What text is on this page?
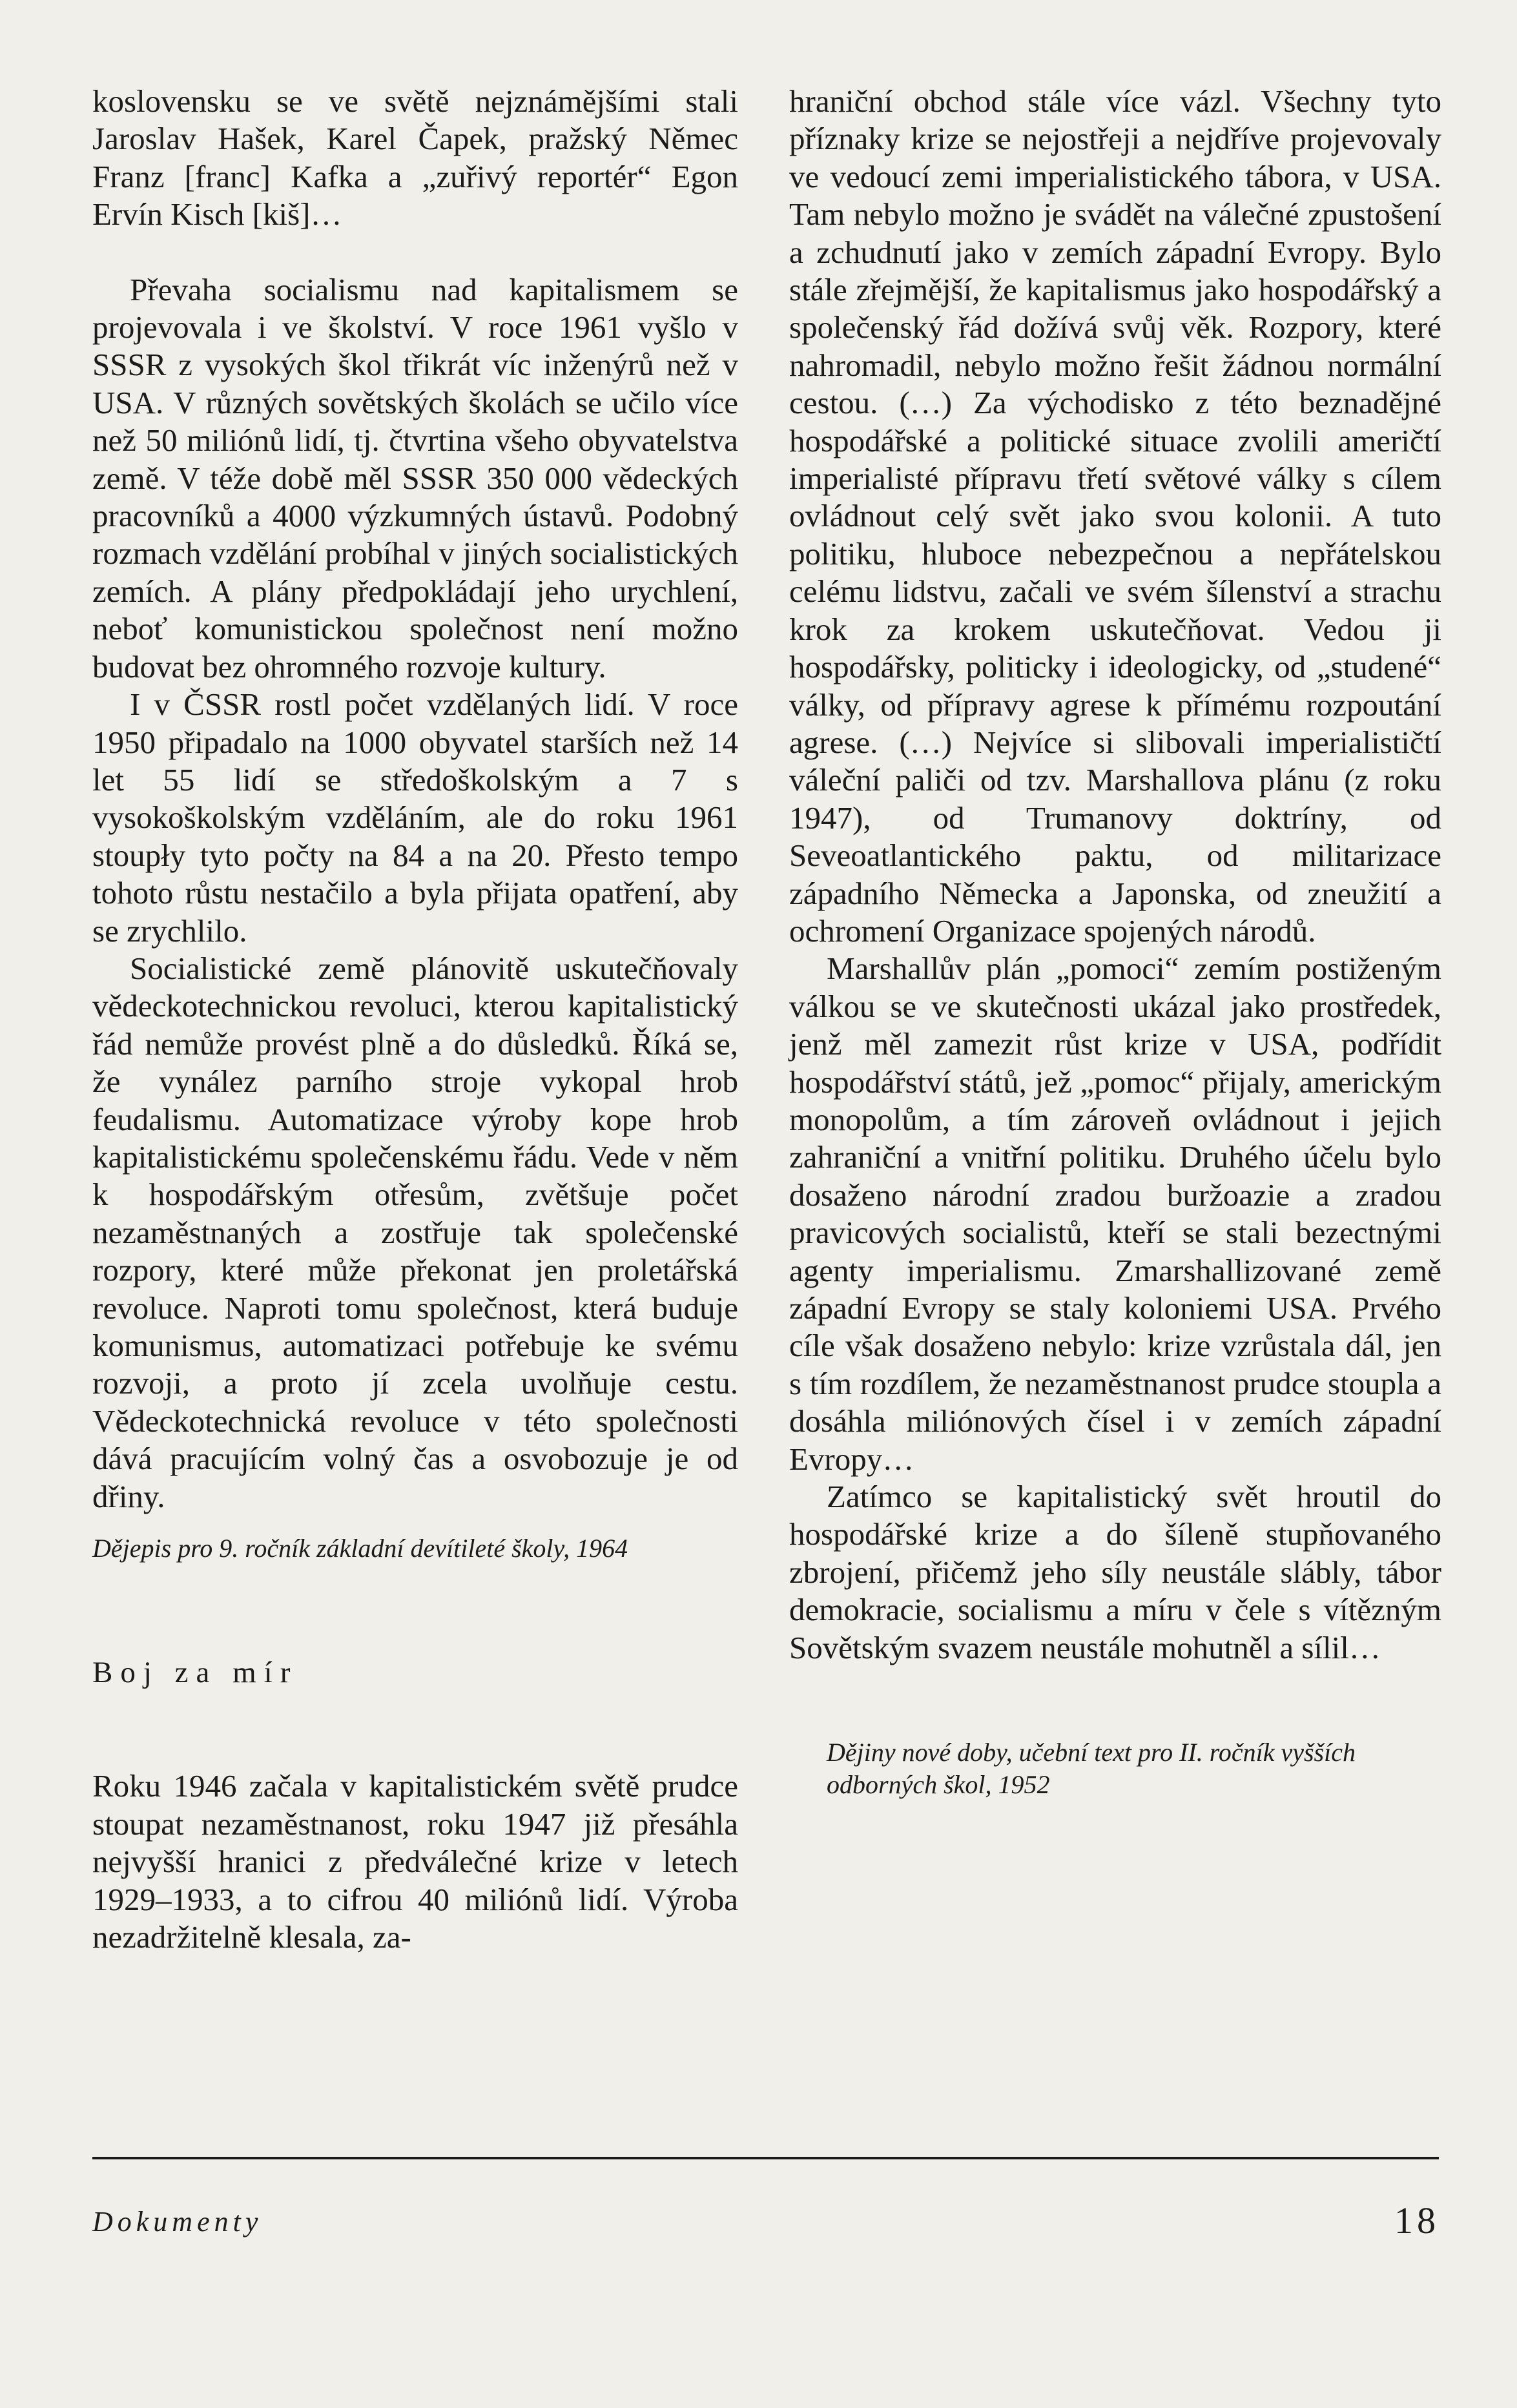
koslovensku se ve světě nejznámějšími stali Jaroslav Hašek, Karel Čapek, pražský Němec Franz [franc] Kafka a „zuřivý reportér“ Egon Ervín Kisch [kiš]…

Převaha socialismu nad kapitalismem se projevovala i ve školství. V roce 1961 vyšlo v SSSR z vysokých škol třikrát víc inženýrů než v USA. V různých sovětských školách se učilo více než 50 miliónů lidí, tj. čtvrtina všeho obyvatelstva země. V téže době měl SSSR 350 000 vědeckých pracovníků a 4000 výzkumných ústavů. Podobný rozmach vzdělání probíhal v jiných socialistických zemích. A plány předpokládají jeho urychlení, neboť komunistickou společnost není možno budovat bez ohromného rozvoje kultury.

I v ČSSR rostl počet vzdělaných lidí. V roce 1950 připadalo na 1000 obyvatel starších než 14 let 55 lidí se středoškolským a 7 s vysokoškolským vzděláním, ale do roku 1961 stoupły tyto počty na 84 a na 20. Přesto tempo tohoto růstu nestačilo a byla přijata opatření, aby se zrychlilo.

Socialistické země plánovitě uskutečňovaly vědeckotechnickou revoluci, kterou kapitalistický řád nemůže provést plně a do důsledků. Říká se, že vynález parního stroje vykopal hrob feudalismu. Automatizace výroby kope hrob kapitalistickému společenskému řádu. Vede v něm k hospodářským otřesům, zvětšuje počet nezaměstnaných a zostřuje tak společenské rozpory, které může překonat jen proletářská revoluce. Naproti tomu společnost, která buduje komunismus, automatizaci potřebuje ke svému rozvoji, a proto jí zcela uvolňuje cestu. Vědeckotechnická revoluce v této společnosti dává pracujícím volný čas a osvobozuje je od dřiny.

Dějepis pro 9. ročník základní devítileté školy, 1964

Boj za mír

Roku 1946 začala v kapitalistickém světě prudce stoupat nezaměstnanost, roku 1947 již přesáhla nejvyšší hranici z předválečné krize v letech 1929–1933, a to cifrou 40 miliónů lidí. Výroba nezadržitelně klesala, za-

hraniční obchod stále více vázl. Všechny tyto příznaky krize se nejostřeji a nejdříve projevovaly ve vedoucí zemi imperialistického tábora, v USA. Tam nebylo možno je svádět na válečné zpustošení a zchudnutí jako v zemích západní Evropy. Bylo stále zřejmější, že kapitalismus jako hospodářský a společenský řád dožívá svůj věk. Rozpory, které nahromadil, nebylo možno řešit žádnou normální cestou. (…) Za východisko z této beznadějné hospodářské a politické situace zvolili američtí imperialisté přípravu třetí světové války s cílem ovládnout celý svět jako svou kolonii. A tuto politiku, hluboce nebezpečnou a nepřátelskou celému lidstvu, začali ve svém šílenství a strachu krok za krokem uskutečňovat. Vedou ji hospodářsky, politicky i ideologicky, od „studené“ války, od přípravy agrese k přímému rozpoutání agrese. (…) Nejvíce si slibovali imperialističtí váleční paliči od tzv. Marshallova plánu (z roku 1947), od Trumanovy doktríny, od Seveoatlantického paktu, od militarizace západního Německa a Japonska, od zneužití a ochromení Organizace spojených národů.

Marshallův plán „pomoci“ zemím postiženým válkou se ve skutečnosti ukázal jako prostředek, jenž měl zamezit růst krize v USA, podřídit hospodářství států, jež „pomoc“ přijaly, americkým monopolům, a tím zároveň ovládnout i jejich zahraniční a vnitřní politiku. Druhého účelu bylo dosaženo národní zradou buržoazie a zradou pravicových socialistů, kteří se stali bezectnými agenty imperialismu. Zmarshallizované země západní Evropy se staly koloniemi USA. Prvého cíle však dosaženo nebylo: krize vzrůstala dál, jen s tím rozdílem, že nezaměstnanost prudce stoupla a dosáhla miliónových čísel i v zemích západní Evropy…

Zatímco se kapitalistický svět hroutil do hospodářské krize a do šíleně stupňovaného zbrojení, přičemž jeho síly neustále slábly, tábor demokracie, socialismu a míru v čele s vítězným Sovětským svazem neustále mohutněl a sílil…

Dějiny nové doby, učební text pro II. ročník vyšších odborných škol, 1952

Dokumenty	18
